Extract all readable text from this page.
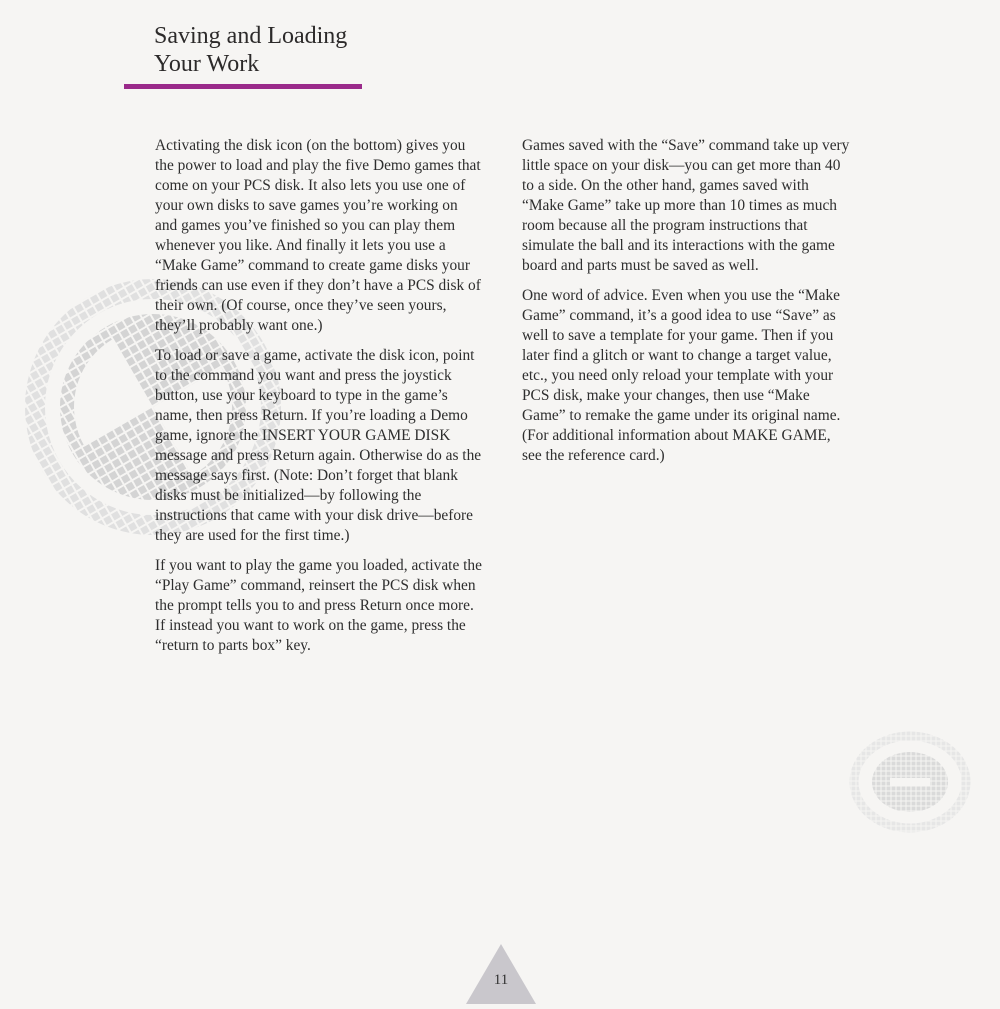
Saving and Loading
Your Work

Activating the disk icon (on the bottom) gives you the power to load and play the five Demo games that come on your PCS disk. It also lets you use one of your own disks to save games you’re working on and games you’ve finished so you can play them whenever you like. And finally it lets you use a “Make Game” command to create game disks your friends can use even if they don’t have a PCS disk of their own. (Of course, once they’ve seen yours, they’ll probably want one.)

To load or save a game, activate the disk icon, point to the command you want and press the joystick button, use your keyboard to type in the game’s name, then press Return. If you’re loading a Demo game, ignore the INSERT YOUR GAME DISK message and press Return again. Otherwise do as the message says first. (Note: Don’t forget that blank disks must be initialized—by following the instructions that came with your disk drive—before they are used for the first time.)

If you want to play the game you loaded, activate the “Play Game” command, reinsert the PCS disk when the prompt tells you to and press Return once more. If instead you want to work on the game, press the “return to parts box” key.

Games saved with the “Save” command take up very little space on your disk—you can get more than 40 to a side. On the other hand, games saved with “Make Game” take up more than 10 times as much room because all the program instructions that simulate the ball and its interactions with the game board and parts must be saved as well.

One word of advice. Even when you use the “Make Game” command, it’s a good idea to use “Save” as well to save a template for your game. Then if you later find a glitch or want to change a target value, etc., you need only reload your template with your PCS disk, make your changes, then use “Make Game” to remake the game under its original name. (For additional information about MAKE GAME, see the reference card.)

11
